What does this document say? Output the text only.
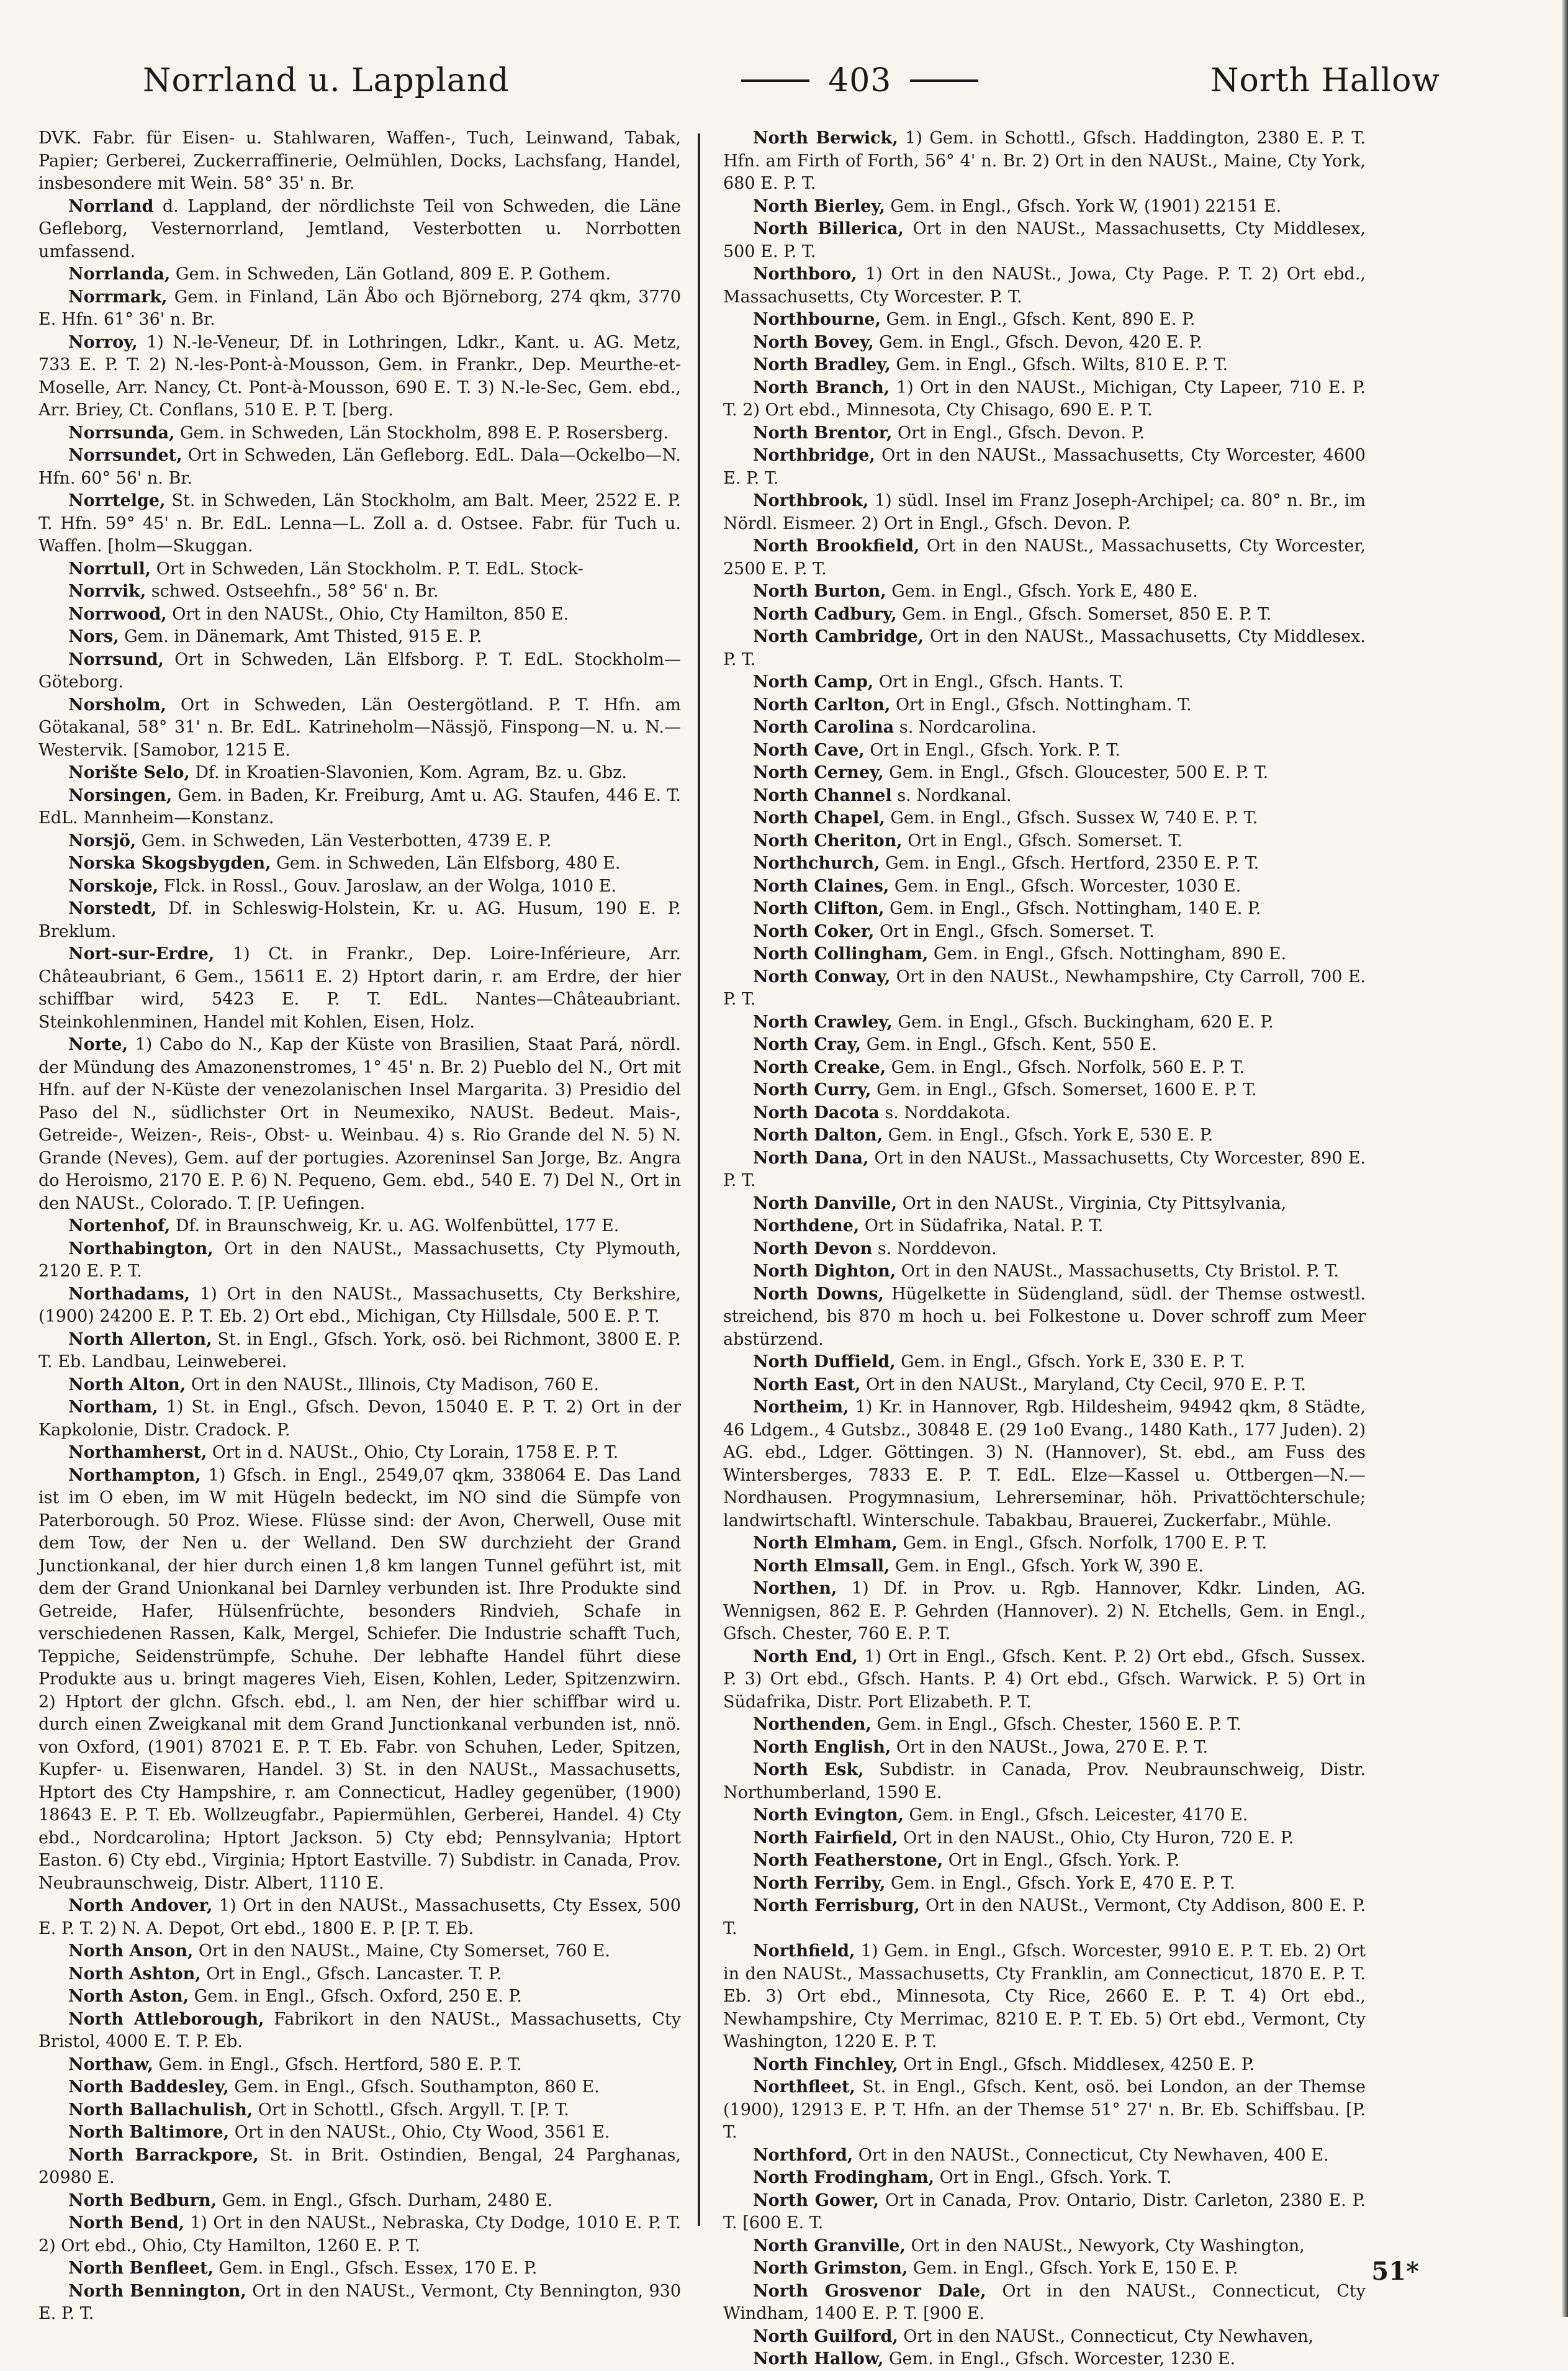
Norrland u. Lappland	403	North Hallow

DVK. Fabr. für Eisen- u. Stahlwaren, Waffen-, Tuch, Leinwand, Tabak, Papier; Gerberei, Zuckerraffinerie, Oelmühlen, Docks, Lachsfang, Handel, insbesondere mit Wein. 58° 35' n. Br.

Norrland d. Lappland, der nördlichste Teil von Schweden, die Läne Gefleborg, Vesternorrland, Jemtland, Vesterbotten u. Norrbotten umfassend.

Norrlanda, Gem. in Schweden, Län Gotland, 809 E. P. Gothem.

Norrmark, Gem. in Finland, Län Åbo och Björneborg, 274 qkm, 3770 E. Hfn. 61° 36' n. Br.

Norroy, 1) N.-le-Veneur, Df. in Lothringen, Ldkr., Kant. u. AG. Metz, 733 E. P. T. 2) N.-les-Pont-à-Mousson, Gem. in Frankr., Dep. Meurthe-et-Moselle, Arr. Nancy, Ct. Pont-à-Mousson, 690 E. T. 3) N.-le-Sec, Gem. ebd., Arr. Briey, Ct. Conflans, 510 E. P. T. [berg.

Norrsunda, Gem. in Schweden, Län Stockholm, 898 E. P. Rosersberg.

Norrsundet, Ort in Schweden, Län Gefleborg. EdL. Dala—Ockelbo—N. Hfn. 60° 56' n. Br.

Norrtelge, St. in Schweden, Län Stockholm, am Balt. Meer, 2522 E. P. T. Hfn. 59° 45' n. Br. EdL. Lenna—L. Zoll a. d. Ostsee. Fabr. für Tuch u. Waffen. [holm—Skuggan.

Norrtull, Ort in Schweden, Län Stockholm. P. T. EdL. Stock-

Norrvik, schwed. Ostseehfn., 58° 56' n. Br.

Norrwood, Ort in den NAUSt., Ohio, Cty Hamilton, 850 E.

Nors, Gem. in Dänemark, Amt Thisted, 915 E. P.

Norrsund, Ort in Schweden, Län Elfsborg. P. T. EdL. Stockholm—Göteborg.

Norsholm, Ort in Schweden, Län Oestergötland. P. T. Hfn. am Götakanal, 58° 31' n. Br. EdL. Katrineholm—Nässjö, Finspong—N. u. N.—Westervik. [Samobor, 1215 E.

Norište Selo, Df. in Kroatien-Slavonien, Kom. Agram, Bz. u. Gbz.

Norsingen, Gem. in Baden, Kr. Freiburg, Amt u. AG. Staufen, 446 E. T. EdL. Mannheim—Konstanz.

Norsjö, Gem. in Schweden, Län Vesterbotten, 4739 E. P.

Norska Skogsbygden, Gem. in Schweden, Län Elfsborg, 480 E.

Norskoje, Flck. in Rossl., Gouv. Jaroslaw, an der Wolga, 1010 E.

Norstedt, Df. in Schleswig-Holstein, Kr. u. AG. Husum, 190 E. P. Breklum.

Nort-sur-Erdre, 1) Ct. in Frankr., Dep. Loire-Inférieure, Arr. Châteaubriant, 6 Gem., 15611 E. 2) Hptort darin, r. am Erdre, der hier schiffbar wird, 5423 E. P. T. EdL. Nantes—Châteaubriant. Steinkohlenminen, Handel mit Kohlen, Eisen, Holz.

Norte, 1) Cabo do N., Kap der Küste von Brasilien, Staat Pará, nördl. der Mündung des Amazonenstromes, 1° 45' n. Br. 2) Pueblo del N., Ort mit Hfn. auf der N-Küste der venezolanischen Insel Margarita. 3) Presidio del Paso del N., südlichster Ort in Neumexiko, NAUSt. Bedeut. Mais-, Getreide-, Weizen-, Reis-, Obst- u. Weinbau. 4) s. Rio Grande del N. 5) N. Grande (Neves), Gem. auf der portugies. Azoreninsel San Jorge, Bz. Angra do Heroismo, 2170 E. P. 6) N. Pequeno, Gem. ebd., 540 E. 7) Del N., Ort in den NAUSt., Colorado. T. [P. Uefingen.

Nortenhof, Df. in Braunschweig, Kr. u. AG. Wolfenbüttel, 177 E.

Northabington, Ort in den NAUSt., Massachusetts, Cty Plymouth, 2120 E. P. T.

Northadams, 1) Ort in den NAUSt., Massachusetts, Cty Berkshire, (1900) 24200 E. P. T. Eb. 2) Ort ebd., Michigan, Cty Hillsdale, 500 E. P. T.

North Allerton, St. in Engl., Gfsch. York, osö. bei Richmont, 3800 E. P. T. Eb. Landbau, Leinweberei.

North Alton, Ort in den NAUSt., Illinois, Cty Madison, 760 E.

Northam, 1) St. in Engl., Gfsch. Devon, 15040 E. P. T. 2) Ort in der Kapkolonie, Distr. Cradock. P.

Northamherst, Ort in d. NAUSt., Ohio, Cty Lorain, 1758 E. P. T.

Northampton, 1) Gfsch. in Engl., 2549,07 qkm, 338064 E. Das Land ist im O eben, im W mit Hügeln bedeckt, im NO sind die Sümpfe von Paterborough. 50 Proz. Wiese. Flüsse sind: der Avon, Cherwell, Ouse mit dem Tow, der Nen u. der Welland. Den SW durchzieht der Grand Junctionkanal, der hier durch einen 1,8 km langen Tunnel geführt ist, mit dem der Grand Unionkanal bei Darnley verbunden ist. Ihre Produkte sind Getreide, Hafer, Hülsenfrüchte, besonders Rindvieh, Schafe in verschiedenen Rassen, Kalk, Mergel, Schiefer. Die Industrie schafft Tuch, Teppiche, Seidenstrümpfe, Schuhe. Der lebhafte Handel führt diese Produkte aus u. bringt mageres Vieh, Eisen, Kohlen, Leder, Spitzenzwirn. 2) Hptort der glchn. Gfsch. ebd., l. am Nen, der hier schiffbar wird u. durch einen Zweigkanal mit dem Grand Junctionkanal verbunden ist, nnö. von Oxford, (1901) 87021 E. P. T. Eb. Fabr. von Schuhen, Leder, Spitzen, Kupfer- u. Eisenwaren, Handel. 3) St. in den NAUSt., Massachusetts, Hptort des Cty Hampshire, r. am Connecticut, Hadley gegenüber, (1900) 18643 E. P. T. Eb. Wollzeugfabr., Papiermühlen, Gerberei, Handel. 4) Cty ebd., Nordcarolina; Hptort Jackson. 5) Cty ebd; Pennsylvania; Hptort Easton. 6) Cty ebd., Virginia; Hptort Eastville. 7) Subdistr. in Canada, Prov. Neubraunschweig, Distr. Albert, 1110 E.

North Andover, 1) Ort in den NAUSt., Massachusetts, Cty Essex, 500 E. P. T. 2) N. A. Depot, Ort ebd., 1800 E. P. [P. T. Eb.

North Anson, Ort in den NAUSt., Maine, Cty Somerset, 760 E.

North Ashton, Ort in Engl., Gfsch. Lancaster. T. P.

North Aston, Gem. in Engl., Gfsch. Oxford, 250 E. P.

North Attleborough, Fabrikort in den NAUSt., Massachusetts, Cty Bristol, 4000 E. T. P. Eb.

Northaw, Gem. in Engl., Gfsch. Hertford, 580 E. P. T.

North Baddesley, Gem. in Engl., Gfsch. Southampton, 860 E.

North Ballachulish, Ort in Schottl., Gfsch. Argyll. T. [P. T.

North Baltimore, Ort in den NAUSt., Ohio, Cty Wood, 3561 E.

North Barrackpore, St. in Brit. Ostindien, Bengal, 24 Parghanas, 20980 E.

North Bedburn, Gem. in Engl., Gfsch. Durham, 2480 E.

North Bend, 1) Ort in den NAUSt., Nebraska, Cty Dodge, 1010 E. P. T. 2) Ort ebd., Ohio, Cty Hamilton, 1260 E. P. T.

North Benfleet, Gem. in Engl., Gfsch. Essex, 170 E. P.

North Bennington, Ort in den NAUSt., Vermont, Cty Bennington, 930 E. P. T.

North Berwick, 1) Gem. in Schottl., Gfsch. Haddington, 2380 E. P. T. Hfn. am Firth of Forth, 56° 4' n. Br. 2) Ort in den NAUSt., Maine, Cty York, 680 E. P. T.

North Bierley, Gem. in Engl., Gfsch. York W, (1901) 22151 E.

North Billerica, Ort in den NAUSt., Massachusetts, Cty Middlesex, 500 E. P. T.

Northboro, 1) Ort in den NAUSt., Jowa, Cty Page. P. T. 2) Ort ebd., Massachusetts, Cty Worcester. P. T.

Northbourne, Gem. in Engl., Gfsch. Kent, 890 E. P.

North Bovey, Gem. in Engl., Gfsch. Devon, 420 E. P.

North Bradley, Gem. in Engl., Gfsch. Wilts, 810 E. P. T.

North Branch, 1) Ort in den NAUSt., Michigan, Cty Lapeer, 710 E. P. T. 2) Ort ebd., Minnesota, Cty Chisago, 690 E. P. T.

North Brentor, Ort in Engl., Gfsch. Devon. P.

Northbridge, Ort in den NAUSt., Massachusetts, Cty Worcester, 4600 E. P. T.

Northbrook, 1) südl. Insel im Franz Joseph-Archipel; ca. 80° n. Br., im Nördl. Eismeer. 2) Ort in Engl., Gfsch. Devon. P.

North Brookfield, Ort in den NAUSt., Massachusetts, Cty Worcester, 2500 E. P. T.

North Burton, Gem. in Engl., Gfsch. York E, 480 E.

North Cadbury, Gem. in Engl., Gfsch. Somerset, 850 E. P. T.

North Cambridge, Ort in den NAUSt., Massachusetts, Cty Middlesex. P. T.

North Camp, Ort in Engl., Gfsch. Hants. T.

North Carlton, Ort in Engl., Gfsch. Nottingham. T.

North Carolina s. Nordcarolina.

North Cave, Ort in Engl., Gfsch. York. P. T.

North Cerney, Gem. in Engl., Gfsch. Gloucester, 500 E. P. T.

North Channel s. Nordkanal.

North Chapel, Gem. in Engl., Gfsch. Sussex W, 740 E. P. T.

North Cheriton, Ort in Engl., Gfsch. Somerset. T.

Northchurch, Gem. in Engl., Gfsch. Hertford, 2350 E. P. T.

North Claines, Gem. in Engl., Gfsch. Worcester, 1030 E.

North Clifton, Gem. in Engl., Gfsch. Nottingham, 140 E. P.

North Coker, Ort in Engl., Gfsch. Somerset. T.

North Collingham, Gem. in Engl., Gfsch. Nottingham, 890 E.

North Conway, Ort in den NAUSt., Newhampshire, Cty Carroll, 700 E. P. T.

North Crawley, Gem. in Engl., Gfsch. Buckingham, 620 E. P.

North Cray, Gem. in Engl., Gfsch. Kent, 550 E.

North Creake, Gem. in Engl., Gfsch. Norfolk, 560 E. P. T.

North Curry, Gem. in Engl., Gfsch. Somerset, 1600 E. P. T.

North Dacota s. Norddakota.

North Dalton, Gem. in Engl., Gfsch. York E, 530 E. P.

North Dana, Ort in den NAUSt., Massachusetts, Cty Worcester, 890 E. P. T.

North Danville, Ort in den NAUSt., Virginia, Cty Pittsylvania,

Northdene, Ort in Südafrika, Natal. P. T.

North Devon s. Norddevon.

North Dighton, Ort in den NAUSt., Massachusetts, Cty Bristol. P. T.

North Downs, Hügelkette in Südengland, südl. der Themse ostwestl. streichend, bis 870 m hoch u. bei Folkestone u. Dover schroff zum Meer abstürzend.

North Duffield, Gem. in Engl., Gfsch. York E, 330 E. P. T.

North East, Ort in den NAUSt., Maryland, Cty Cecil, 970 E. P. T.

Northeim, 1) Kr. in Hannover, Rgb. Hildesheim, 94942 qkm, 8 Städte, 46 Ldgem., 4 Gutsbz., 30848 E. (29 1o0 Evang., 1480 Kath., 177 Juden). 2) AG. ebd., Ldger. Göttingen. 3) N. (Hannover), St. ebd., am Fuss des Wintersberges, 7833 E. P. T. EdL. Elze—Kassel u. Ottbergen—N.—Nordhausen. Progymnasium, Lehrerseminar, höh. Privattöchterschule; landwirtschaftl. Winterschule. Tabakbau, Brauerei, Zuckerfabr., Mühle.

North Elmham, Gem. in Engl., Gfsch. Norfolk, 1700 E. P. T.

North Elmsall, Gem. in Engl., Gfsch. York W, 390 E.

Northen, 1) Df. in Prov. u. Rgb. Hannover, Kdkr. Linden, AG. Wennigsen, 862 E. P. Gehrden (Hannover). 2) N. Etchells, Gem. in Engl., Gfsch. Chester, 760 E. P. T.

North End, 1) Ort in Engl., Gfsch. Kent. P. 2) Ort ebd., Gfsch. Sussex. P. 3) Ort ebd., Gfsch. Hants. P. 4) Ort ebd., Gfsch. Warwick. P. 5) Ort in Südafrika, Distr. Port Elizabeth. P. T.

Northenden, Gem. in Engl., Gfsch. Chester, 1560 E. P. T.

North English, Ort in den NAUSt., Jowa, 270 E. P. T.

North Esk, Subdistr. in Canada, Prov. Neubraunschweig, Distr. Northumberland, 1590 E.

North Evington, Gem. in Engl., Gfsch. Leicester, 4170 E.

North Fairfield, Ort in den NAUSt., Ohio, Cty Huron, 720 E. P.

North Featherstone, Ort in Engl., Gfsch. York. P.

North Ferriby, Gem. in Engl., Gfsch. York E, 470 E. P. T.

North Ferrisburg, Ort in den NAUSt., Vermont, Cty Addison, 800 E. P. T.

Northfield, 1) Gem. in Engl., Gfsch. Worcester, 9910 E. P. T. Eb. 2) Ort in den NAUSt., Massachusetts, Cty Franklin, am Connecticut, 1870 E. P. T. Eb. 3) Ort ebd., Minnesota, Cty Rice, 2660 E. P. T. 4) Ort ebd., Newhampshire, Cty Merrimac, 8210 E. P. T. Eb. 5) Ort ebd., Vermont, Cty Washington, 1220 E. P. T.

North Finchley, Ort in Engl., Gfsch. Middlesex, 4250 E. P.

Northfleet, St. in Engl., Gfsch. Kent, osö. bei London, an der Themse (1900), 12913 E. P. T. Hfn. an der Themse 51° 27' n. Br. Eb. Schiffsbau. [P. T.

Northford, Ort in den NAUSt., Connecticut, Cty Newhaven, 400 E.

North Frodingham, Ort in Engl., Gfsch. York. T.

North Gower, Ort in Canada, Prov. Ontario, Distr. Carleton, 2380 E. P. T. [600 E. T.

North Granville, Ort in den NAUSt., Newyork, Cty Washington,

North Grimston, Gem. in Engl., Gfsch. York E, 150 E. P.

North Grosvenor Dale, Ort in den NAUSt., Connecticut, Cty Windham, 1400 E. P. T. [900 E.

North Guilford, Ort in den NAUSt., Connecticut, Cty Newhaven,

North Hallow, Gem. in Engl., Gfsch. Worcester, 1230 E.

51*
